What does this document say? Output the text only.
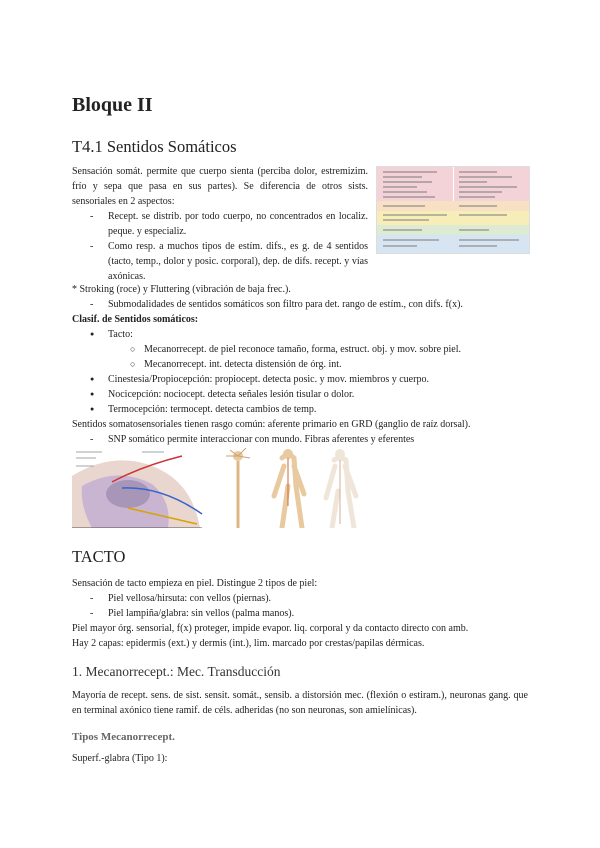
Bloque II
T4.1 Sentidos Somáticos

Sensación somát. permite que cuerpo sienta (perciba dolor, estremizim. frío y sepa que pasa en sus partes). Se diferencia de otros sists. sensoriales en 2 aspectos:

- Recept. se distrib. por todo cuerpo, no concentrados en localiz. peque. y especializ.
- Como resp. a muchos tipos de estím. difs., es g. de 4 sentidos (tacto, temp., dolor y posic. corporal), dep. de difs. recept. y vías axónicas.

* Stroking (roce) y Fluttering (vibración de baja frec.).

- Submodalidades de sentidos somáticos son filtro para det. rango de estím., con difs. f(x).

Clasif. de Sentidos somáticos:

● Tacto:
○ Mecanorrecept. de piel reconoce tamaño, forma, estruct. obj. y mov. sobre piel.
○ Mecanorrecept. int. detecta distensión de órg. int.
● Cinestesia/Propiocepción: propiocept. detecta posic. y mov. miembros y cuerpo.
● Nocicepción: nociocept. detecta señales lesión tisular o dolor.
● Termocepción: termocept. detecta cambios de temp.

Sentidos somatosensoriales tienen rasgo común: aferente primario en GRD (ganglio de raíz dorsal).

- SNP somático permite interaccionar con mundo. Fibras aferentes y eferentes
TACTO

Sensación de tacto empieza en piel. Distingue 2 tipos de piel:

- Piel vellosa/hirsuta: con vellos (piernas).
- Piel lampiña/glabra: sin vellos (palma manos).

Piel mayor órg. sensorial, f(x) proteger, impide evapor. liq. corporal y da contacto directo con amb.

Hay 2 capas: epidermis (ext.) y dermis (int.), lim. marcado por crestas/papilas dérmicas.

1. Mecanorrecept.: Mec. Transducción

Mayoría de recept. sens. de sist. sensit. somát., sensib. a distorsión mec. (flexión o estiram.), neuronas gang. que en terminal axónico tiene ramif. de céls. adheridas (no son neuronas, son amielínicas).

Tipos Mecanorrecept.
Superf.-glabra (Tipo 1):
